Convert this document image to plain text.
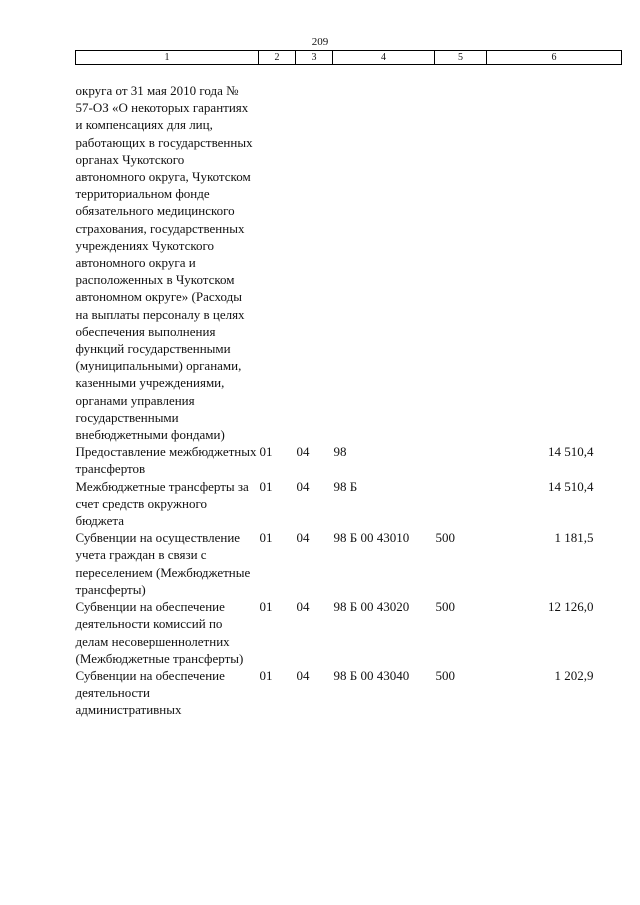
209
1	2	3	4	5	6
округа от 31 мая 2010 года № 57-ОЗ «О некоторых гарантиях и компенсациях для лиц, работающих в государственных органах Чукотского автономного округа, Чукотском территориальном фонде обязательного медицинского страхования, государственных учреждениях Чукотского автономного округа и расположенных в Чукотском автономном округе» (Расходы на выплаты персоналу в целях обеспечения выполнения функций государственными (муниципальными) органами, казенными учреждениями, органами управления государственными внебюджетными фондами)					
Предоставление межбюджетных трансфертов	01	04	98		14 510,4
Межбюджетные трансферты за счет средств окружного бюджета	01	04	98 Б		14 510,4
Субвенции на осуществление учета граждан в связи с переселением (Межбюджетные трансферты)	01	04	98 Б 00 43010	500	1 181,5
Субвенции на обеспечение деятельности комиссий по делам несовершеннолетних (Межбюджетные трансферты)	01	04	98 Б 00 43020	500	12 126,0
Субвенции на обеспечение деятельности административных	01	04	98 Б 00 43040	500	1 202,9
